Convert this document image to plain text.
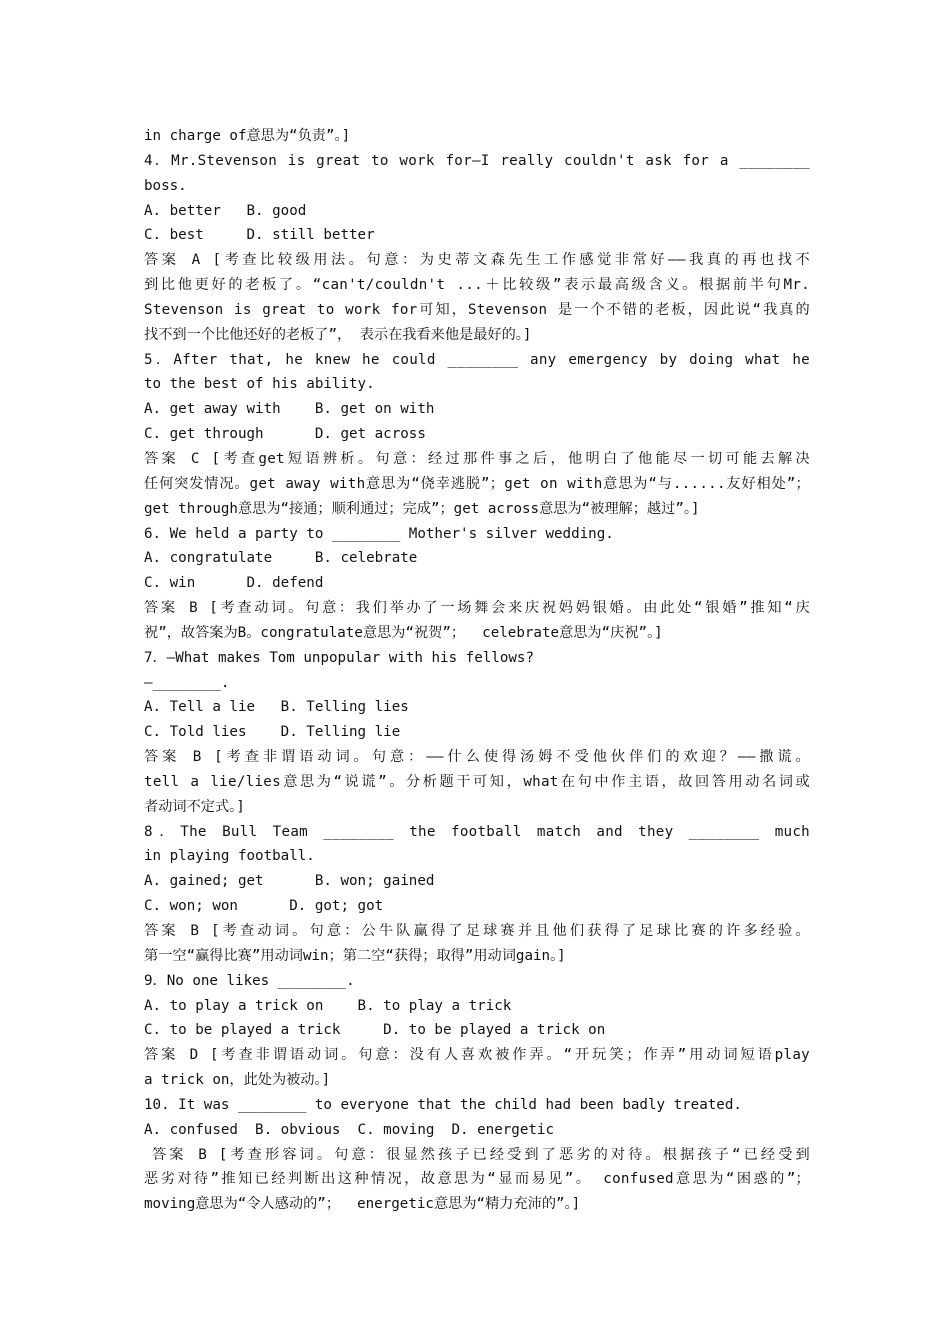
in charge of意思为“负责”。]
4．Mr.Stevenson is great to work for—I really couldn't ask for a ________
boss.
A. better   B. good
C. best     D. still better
答案 A [考查比较级用法。句意：为史蒂文森先生工作感觉非常好——我真的再也找不
到比他更好的老板了。“can't/couldn't ...＋比较级”表示最高级含义。根据前半句Mr.
Stevenson is great to work for可知，Stevenson 是一个不错的老板，因此说“我真的
找不到一个比他还好的老板了”， 表示在我看来他是最好的。]
5．After that, he knew he could ________ any emergency by doing what he
to the best of his ability.
A. get away with    B. get on with
C. get through      D. get across
答案 C [考查get短语辨析。句意：经过那件事之后，他明白了他能尽一切可能去解决
任何突发情况。get away with意思为“侥幸逃脱”；get on with意思为“与......友好相处”；
get through意思为“接通；顺利通过；完成”；get across意思为“被理解；越过”。]
6. We held a party to ________ Mother's silver wedding.
A. congratulate     B. celebrate
C. win      D. defend
答案 B [考查动词。句意：我们举办了一场舞会来庆祝妈妈银婚。由此处“银婚”推知“庆
祝”，故答案为B。congratulate意思为“祝贺”；  celebrate意思为“庆祝”。]
7．—What makes Tom unpopular with his fellows?
—________.
A. Tell a lie   B. Telling lies
C. Told lies    D. Telling lie
答案 B [考查非谓语动词。句意：——什么使得汤姆不受他伙伴们的欢迎？——撒谎。
tell a lie/lies意思为“说谎”。分析题干可知，what在句中作主语，故回答用动名词或
者动词不定式。]
8．The Bull Team ________ the football match and they ________ much
in playing football.
A. gained; get      B. won; gained
C. won; won      D. got; got
答案 B [考查动词。句意：公牛队赢得了足球赛并且他们获得了足球比赛的许多经验。
第一空“赢得比赛”用动词win；第二空“获得；取得”用动词gain。]
9．No one likes ________.
A. to play a trick on    B. to play a trick
C. to be played a trick     D. to be played a trick on
答案 D [考查非谓语动词。句意：没有人喜欢被作弄。“开玩笑；作弄”用动词短语play
a trick on，此处为被动。]
10. It was ________ to everyone that the child had been badly treated.
A. confused  B. obvious  C. moving  D. energetic
答案 B [考查形容词。句意：很显然孩子已经受到了恶劣的对待。根据孩子“已经受到
恶劣对待”推知已经判断出这种情况，故意思为“显而易见”。 confused意思为“困惑的”；
moving意思为“令人感动的”；  energetic意思为“精力充沛的”。]
